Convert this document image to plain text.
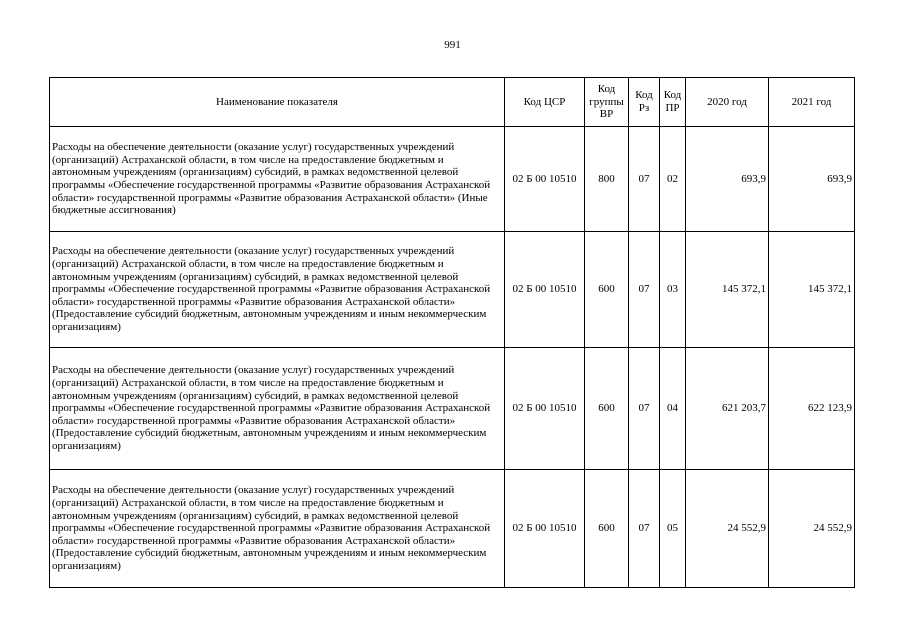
991
Наименование показателя	Код ЦСР	Код группы ВР	Код Рз	Код ПР	2020 год	2021 год
Расходы на обеспечение деятельности (оказание услуг) государственных учреждений (организаций) Астраханской области, в том числе на предоставление бюджетным и автономным учреждениям (организациям) субсидий, в рамках ведомственной целевой программы «Обеспечение государственной программы «Развитие образования Астраханской области» государственной программы «Развитие образования Астраханской области» (Иные бюджетные ассигнования)	02 Б 00 10510	800	07	02	693,9	693,9
Расходы на обеспечение деятельности (оказание услуг) государственных учреждений (организаций) Астраханской области, в том числе на предоставление бюджетным и автономным учреждениям (организациям) субсидий, в рамках ведомственной целевой программы «Обеспечение государственной программы «Развитие образования Астраханской области» государственной программы «Развитие образования Астраханской области» (Предоставление субсидий бюджетным, автономным учреждениям и иным некоммерческим организациям)	02 Б 00 10510	600	07	03	145 372,1	145 372,1
Расходы на обеспечение деятельности (оказание услуг) государственных учреждений (организаций) Астраханской области, в том числе на предоставление бюджетным и автономным учреждениям (организациям) субсидий, в рамках ведомственной целевой программы «Обеспечение государственной программы «Развитие образования Астраханской области» государственной программы «Развитие образования Астраханской области» (Предоставление субсидий бюджетным, автономным учреждениям и иным некоммерческим организациям)	02 Б 00 10510	600	07	04	621 203,7	622 123,9
Расходы на обеспечение деятельности (оказание услуг) государственных учреждений (организаций) Астраханской области, в том числе на предоставление бюджетным и автономным учреждениям (организациям) субсидий, в рамках ведомственной целевой программы «Обеспечение государственной программы «Развитие образования Астраханской области» государственной программы «Развитие образования Астраханской области» (Предоставление субсидий бюджетным, автономным учреждениям и иным некоммерческим организациям)	02 Б 00 10510	600	07	05	24 552,9	24 552,9
